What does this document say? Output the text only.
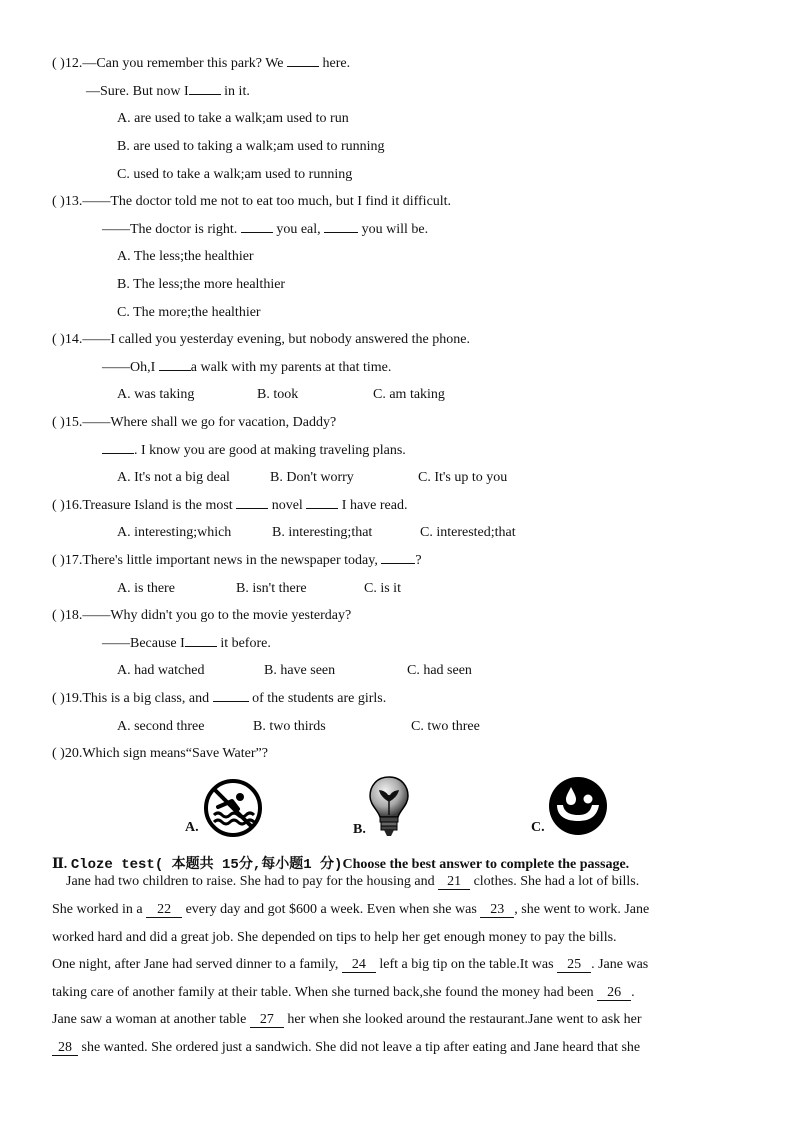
( )12.—Can you remember this park? We  here.
—Sure. But now I in it.
A. are used to take a walk;am used to run
B. are used to taking a walk;am used to running
C. used to take a walk;am used to running
( )13.——The doctor told me not to eat too much, but I find it difficult.
——The doctor is right.  you eal,  you will be.
A. The less;the healthier
B. The less;the more healthier
C. The more;the healthier
( )14.——I called you yesterday evening, but nobody answered the phone.
——Oh,I a walk with my parents at that time.
A. was taking	B. took	C. am taking
( )15.——Where shall we go for vacation, Daddy?
. I know you are good at making traveling plans.
A. It's not a big deal	B. Don't worry	C. It's up to you
( )16.Treasure Island is the most  novel  I have read.
A. interesting;which	B. interesting;that	C. interested;that
( )17.There's little important news in the newspaper today, ?
A. is there	B. isn't there	C. is it
( )18.——Why didn't you go to the movie yesterday?
——Because I it before.
A. had watched	B. have seen	C. had seen
( )19.This is a big class, and	of the students are girls.
A. second three	B. two thirds	C. two three
( )20.Which sign means“Save Water”?
A.	B.	C.
Ⅱ. Cloze test( 本题共 15分,每小题1 分)Choose the best answer to complete the passage.
Jane had two children to raise. She had to pay for the housing and 21 clothes. She had a lot of bills.
She worked in a 22 every day and got $600 a week. Even when she was 23 , she went to work. Jane
worked hard and did a great job. She depended on tips to help her get enough money to pay the bills.
One night, after Jane had served dinner to a family, 24 left a big tip on the table.It was 25 . Jane was
taking care of another family at their table. When she turned back,she found the money had been 26 .
Jane saw a woman at another table 27 her when she looked around the restaurant.Jane went to ask her
28 she wanted. She ordered just a sandwich. She did not leave a tip after eating and Jane heard that she
